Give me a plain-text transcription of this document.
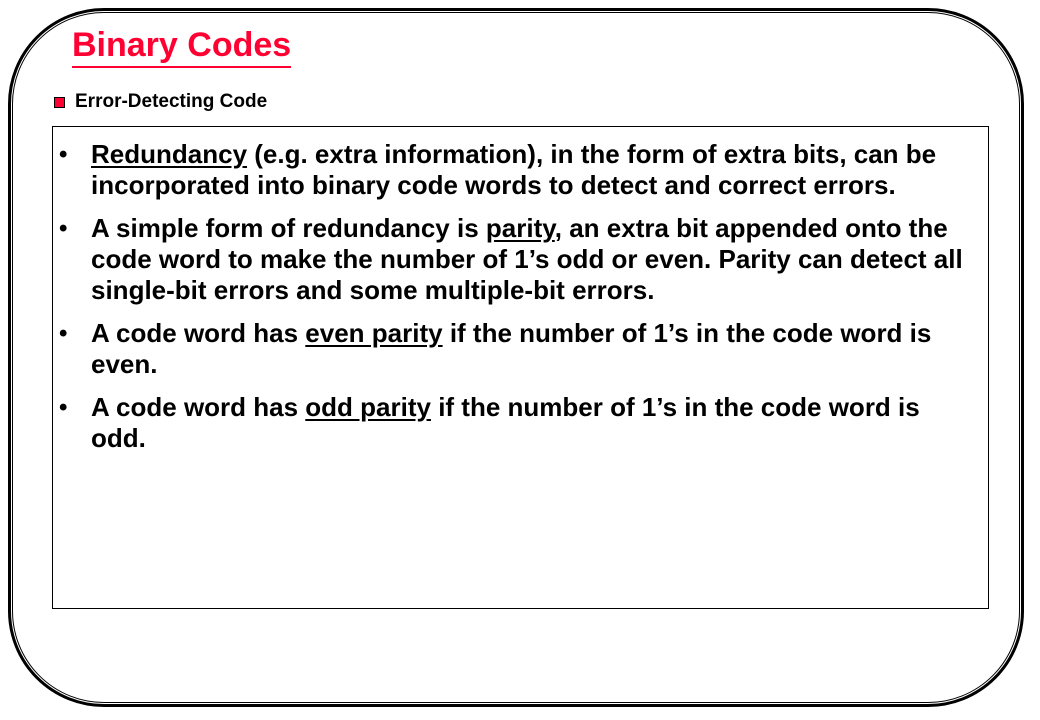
Binary Codes
Error-Detecting Code
• Redundancy (e.g. extra information), in the form of extra bits, can be incorporated into binary code words to detect and correct errors.
• A simple form of redundancy is parity, an extra bit appended onto the code word to make the number of 1’s odd or even. Parity can detect all single-bit errors and some multiple-bit errors.
• A code word has even parity if the number of 1’s in the code word is even.
• A code word has odd parity if the number of 1’s in the code word is odd.
